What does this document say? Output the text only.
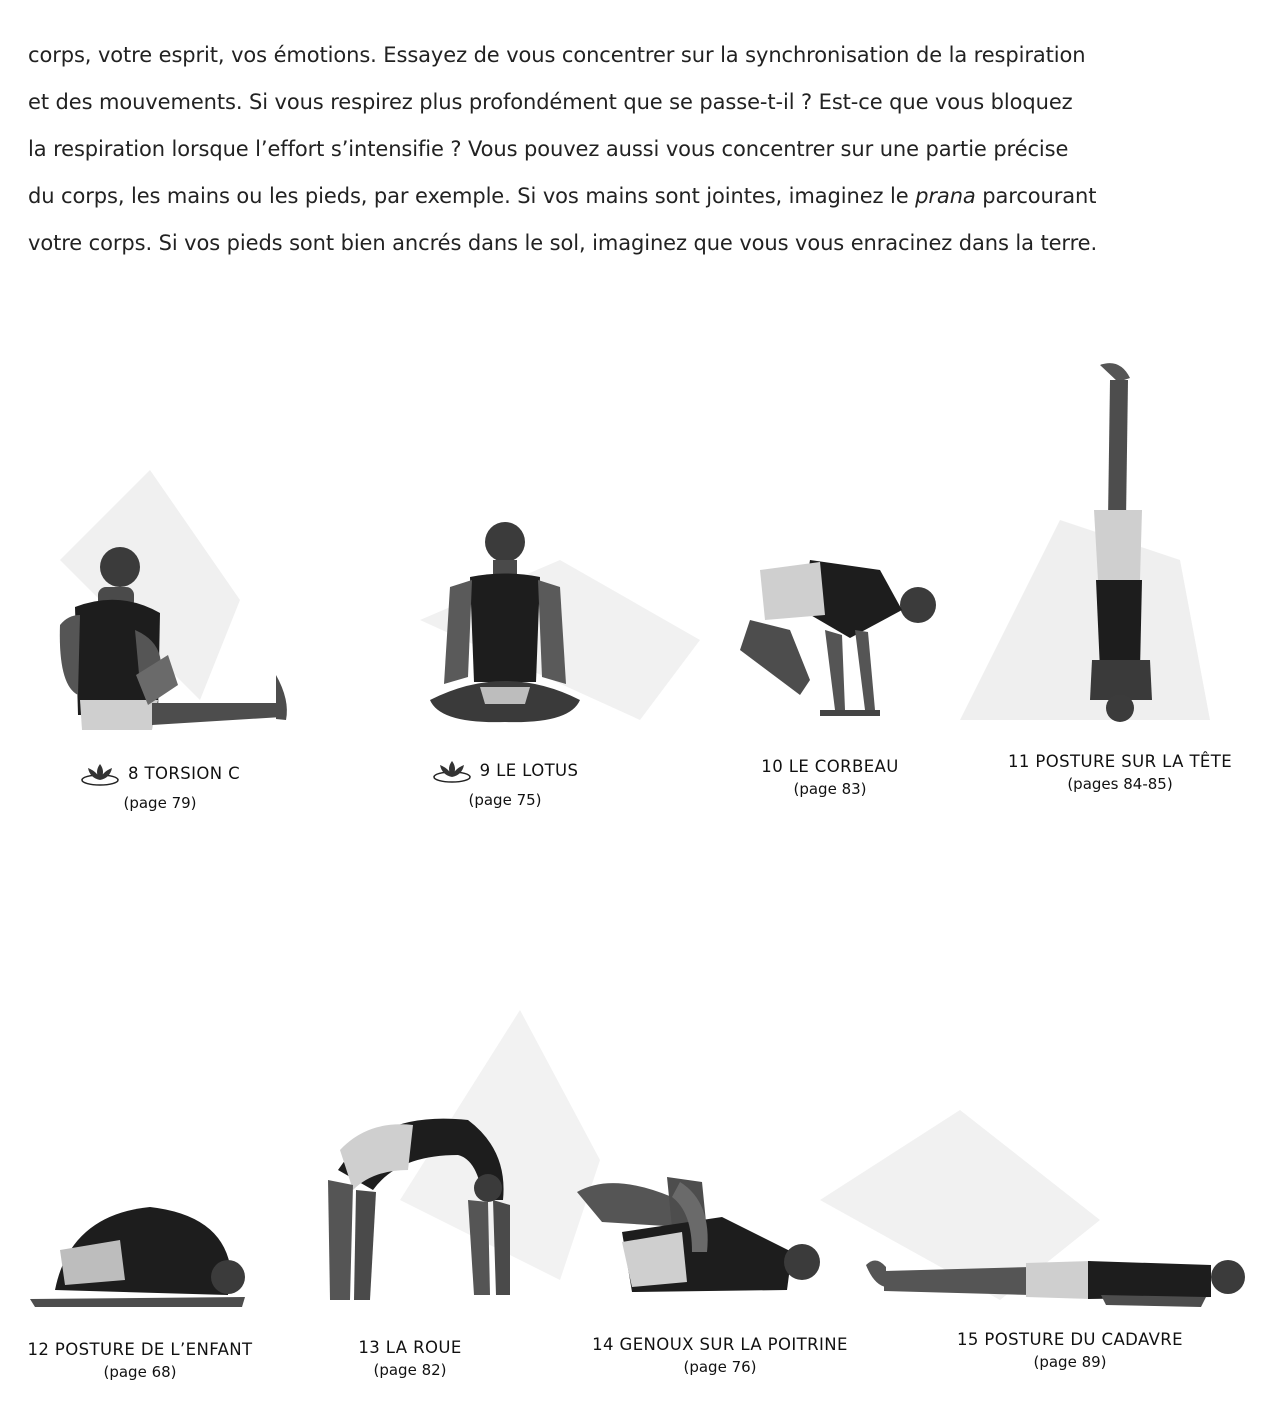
corps, votre esprit, vos émotions. Essayez de vous concentrer sur la synchronisation de la respiration
et des mouvements. Si vous respirez plus profondément que se passe-t-il ? Est-ce que vous bloquez
la respiration lorsque l’effort s’intensifie ? Vous pouvez aussi vous concentrer sur une partie précise
du corps, les mains ou les pieds, par exemple. Si vos mains sont jointes, imaginez le prana parcourant
votre corps. Si vos pieds sont bien ancrés dans le sol, imaginez que vous vous enracinez dans la terre.
8 TORSION C
(page 79)
9 LE LOTUS
(page 75)
10 LE CORBEAU
(page 83)
11 POSTURE SUR LA TÊTE
(pages 84-85)
12 POSTURE DE L’ENFANT
(page 68)
13 LA ROUE
(page 82)
14 GENOUX SUR LA POITRINE
(page 76)
15 POSTURE DU CADAVRE
(page 89)
